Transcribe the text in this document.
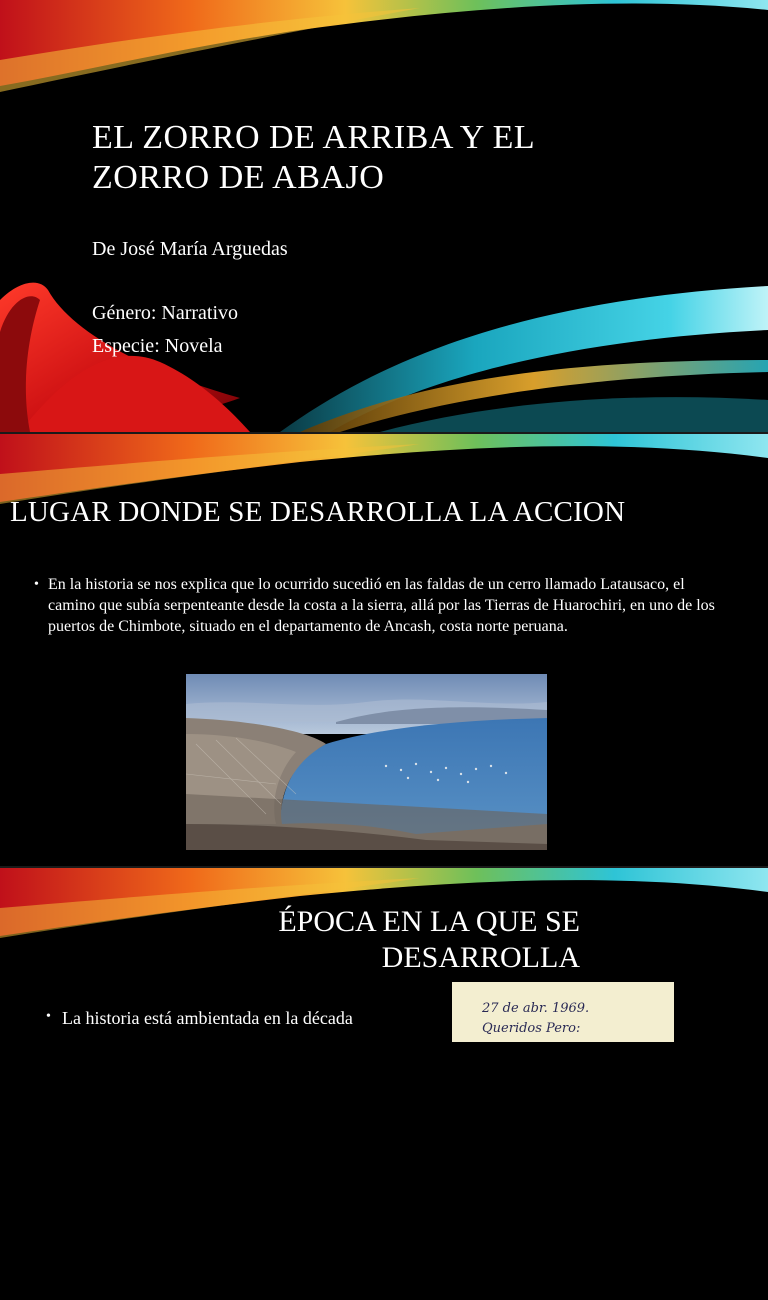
EL ZORRO DE ARRIBA Y EL
ZORRO DE ABAJO
De José María Arguedas
Género: Narrativo
Especie: Novela
LUGAR DONDE SE DESARROLLA LA ACCION
• En la historia se nos explica que lo ocurrido sucedió en las faldas de un cerro llamado Latausaco, el camino que subía serpenteante desde la costa a la sierra, allá por las Tierras de Huarochiri, en uno de los puertos de Chimbote, situado en el departamento de Ancash, costa norte peruana.
ÉPOCA EN LA QUE SE
DESARROLLA
• La historia está ambientada en la década	27 de abr. 1969.
Queridos Pero:
